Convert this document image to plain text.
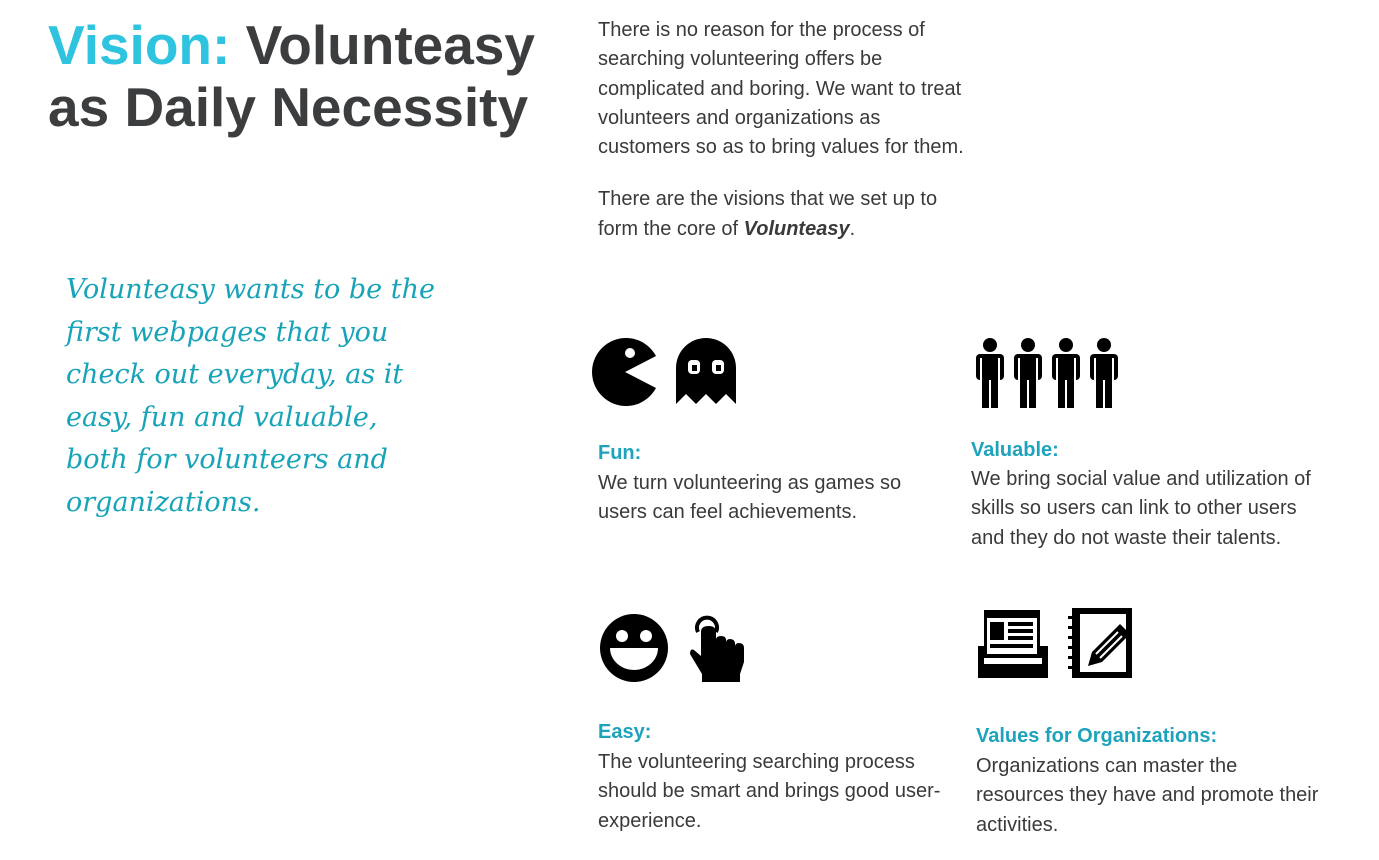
Vision: Volunteasy
as Daily Necessity

There is no reason for the process of searching volunteering offers be complicated and boring. We want to treat volunteers and organizations as customers so as to bring values for them.

There are the visions that we set up to form the core of Volunteasy.

Volunteasy wants to be the first webpages that you check out everyday, as it easy, fun and valuable, both for volunteers and organizations.

Fun:

We turn volunteering as games so users can feel achievements.

Valuable:

We bring social value and utilization of skills so users can link to other users and they do not waste their talents.

Easy:

The volunteering searching process should be smart and brings good user-experience.

Values for Organizations:

Organizations can master the resources they have and promote their activities.
